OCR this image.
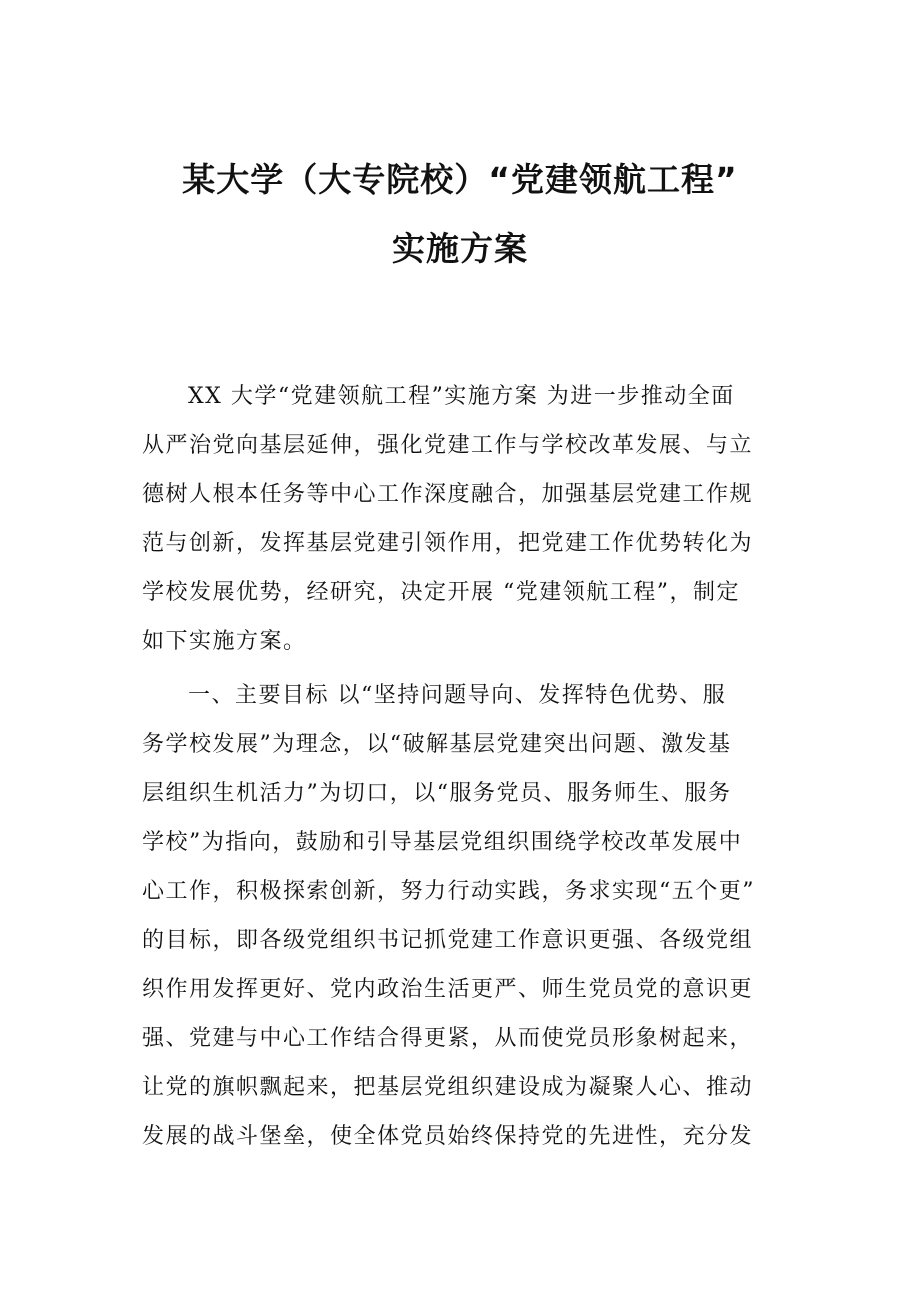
某大学（大专院校）“党建领航工程”
实施方案
XX 大学“党建领航工程”实施方案 为进一步推动全面
从严治党向基层延伸，强化党建工作与学校改革发展、与立
德树人根本任务等中心工作深度融合，加强基层党建工作规
范与创新，发挥基层党建引领作用，把党建工作优势转化为
学校发展优势，经研究，决定开展 “党建领航工程”，制定
如下实施方案。
一、主要目标 以“坚持问题导向、发挥特色优势、服
务学校发展”为理念，以“破解基层党建突出问题、激发基
层组织生机活力”为切口，以“服务党员、服务师生、服务
学校”为指向，鼓励和引导基层党组织围绕学校改革发展中
心工作，积极探索创新，努力行动实践，务求实现“五个更”
的目标，即各级党组织书记抓党建工作意识更强、各级党组
织作用发挥更好、党内政治生活更严、师生党员党的意识更
强、党建与中心工作结合得更紧，从而使党员形象树起来，
让党的旗帜飘起来，把基层党组织建设成为凝聚人心、推动
发展的战斗堡垒，使全体党员始终保持党的先进性，充分发
